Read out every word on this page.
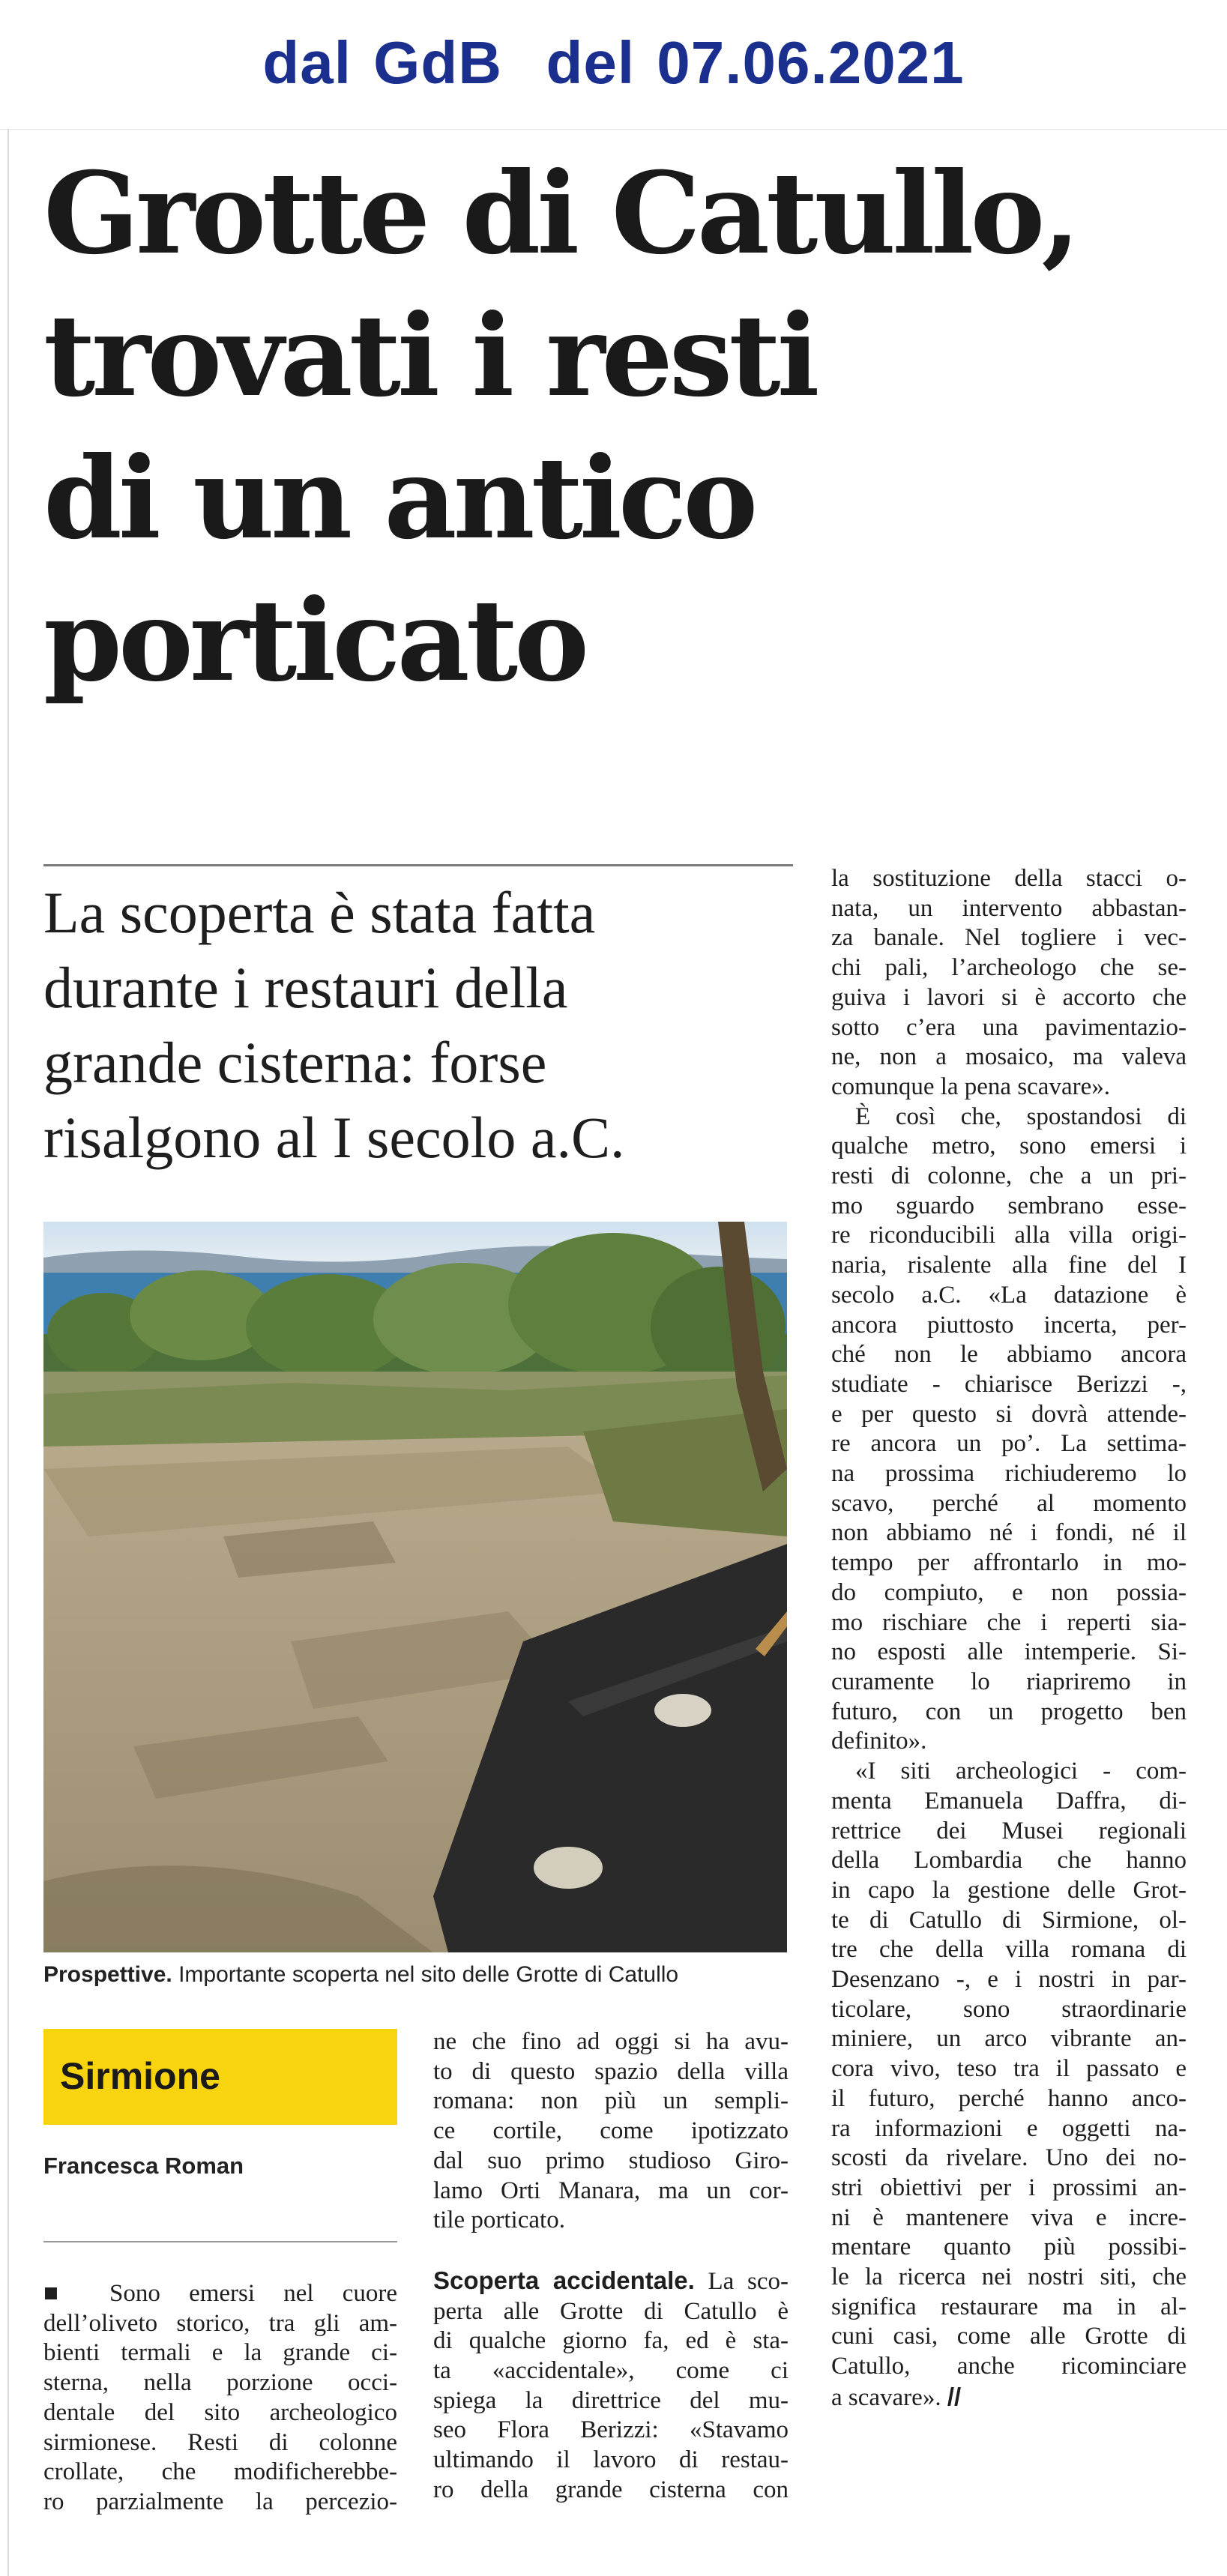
dal GdB  del 07.06.2021
Grotte di Catullo,
trovati i resti
di un antico
porticato
La scoperta è stata fatta
durante i restauri della
grande cisterna: forse
risalgono al I secolo a.C.
Prospettive. Importante scoperta nel sito delle Grotte di Catullo
Sirmione
Francesca Roman
■ Sono emersi nel cuore
dell’oliveto storico, tra gli am-
bienti termali e la grande ci-
sterna, nella porzione occi-
dentale del sito archeologico
sirmionese. Resti di colonne
crollate, che modificherebbe-
ro parzialmente la percezio-
ne che fino ad oggi si ha avu-
to di questo spazio della villa
romana: non più un sempli-
ce cortile, come ipotizzato
dal suo primo studioso Giro-
lamo Orti Manara, ma un cor-
tile porticato.
Scoperta accidentale. La sco-
perta alle Grotte di Catullo è
di qualche giorno fa, ed è sta-
ta «accidentale», come ci
spiega la direttrice del mu-
seo Flora Berizzi: «Stavamo
ultimando il lavoro di restau-
ro della grande cisterna con
la sostituzione della stacci o-
nata, un intervento abbastan-
za banale. Nel togliere i vec-
chi pali, l’archeologo che se-
guiva i lavori si è accorto che
sotto c’era una pavimentazio-
ne, non a mosaico, ma valeva
comunque la pena scavare».
È così che, spostandosi di
qualche metro, sono emersi i
resti di colonne, che a un pri-
mo sguardo sembrano esse-
re riconducibili alla villa origi-
naria, risalente alla fine del I
secolo a.C. «La datazione è
ancora piuttosto incerta, per-
ché non le abbiamo ancora
studiate - chiarisce Berizzi -,
e per questo si dovrà attende-
re ancora un po’. La settima-
na prossima richiuderemo lo
scavo, perché al momento
non abbiamo né i fondi, né il
tempo per affrontarlo in mo-
do compiuto, e non possia-
mo rischiare che i reperti sia-
no esposti alle intemperie. Si-
curamente lo riapriremo in
futuro, con un progetto ben
definito».
«I siti archeologici - com-
menta Emanuela Daffra, di-
rettrice dei Musei regionali
della Lombardia che hanno
in capo la gestione delle Grot-
te di Catullo di Sirmione, ol-
tre che della villa romana di
Desenzano -, e i nostri in par-
ticolare, sono straordinarie
miniere, un arco vibrante an-
cora vivo, teso tra il passato e
il futuro, perché hanno anco-
ra informazioni e oggetti na-
scosti da rivelare. Uno dei no-
stri obiettivi per i prossimi an-
ni è mantenere viva e incre-
mentare quanto più possibi-
le la ricerca nei nostri siti, che
significa restaurare ma in al-
cuni casi, come alle Grotte di
Catullo, anche ricominciare
a scavare». //
